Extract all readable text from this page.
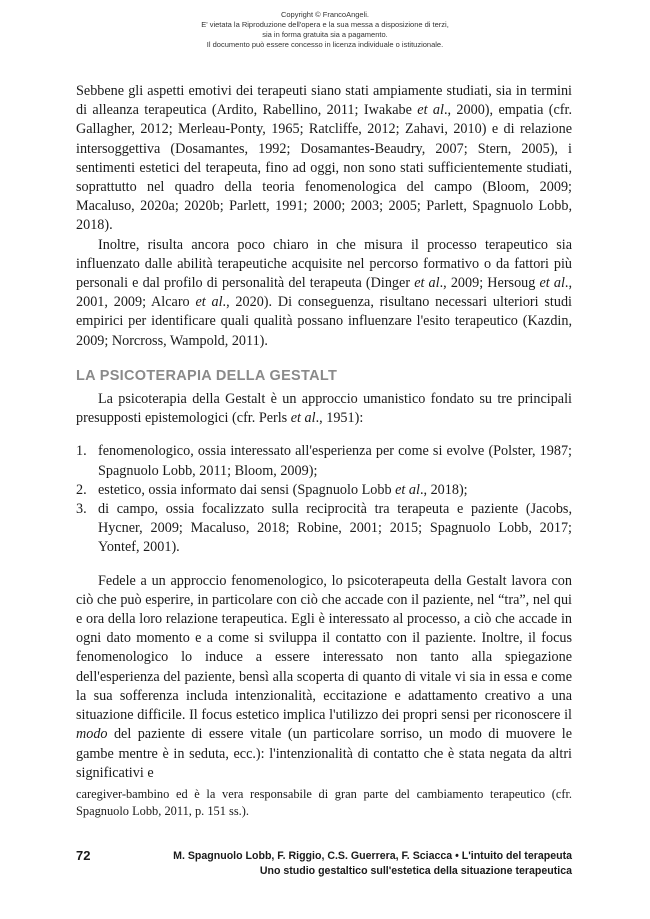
Copyright © FrancoAngeli.
E' vietata la Riproduzione dell'opera e la sua messa a disposizione di terzi,
sia in forma gratuita sia a pagamento.
Il documento può essere concesso in licenza individuale o istituzionale.

Sebbene gli aspetti emotivi dei terapeuti siano stati ampiamente studiati, sia in termini di alleanza terapeutica (Ardito, Rabellino, 2011; Iwakabe et al., 2000), empatia (cfr. Gallagher, 2012; Merleau-Ponty, 1965; Ratcliffe, 2012; Zahavi, 2010) e di relazione intersoggettiva (Dosamantes, 1992; Dosamantes-Beaudry, 2007; Stern, 2005), i sentimenti estetici del terapeuta, fino ad oggi, non sono stati sufficientemente studiati, soprattutto nel quadro della teoria fenomenologica del campo (Bloom, 2009; Macaluso, 2020a; 2020b; Parlett, 1991; 2000; 2003; 2005; Parlett, Spagnuolo Lobb, 2018).

Inoltre, risulta ancora poco chiaro in che misura il processo terapeutico sia influenzato dalle abilità terapeutiche acquisite nel percorso formativo o da fattori più personali e dal profilo di personalità del terapeuta (Dinger et al., 2009; Hersoug et al., 2001, 2009; Alcaro et al., 2020). Di conseguenza, risultano necessari ulteriori studi empirici per identificare quali qualità possano influenzare l'esito terapeutico (Kazdin, 2009; Norcross, Wampold, 2011).

LA PSICOTERAPIA DELLA GESTALT

La psicoterapia della Gestalt è un approccio umanistico fondato su tre principali presupposti epistemologici (cfr. Perls et al., 1951):

1. fenomenologico, ossia interessato all'esperienza per come si evolve (Polster, 1987; Spagnuolo Lobb, 2011; Bloom, 2009);
2. estetico, ossia informato dai sensi (Spagnuolo Lobb et al., 2018);
3. di campo, ossia focalizzato sulla reciprocità tra terapeuta e paziente (Jacobs, Hycner, 2009; Macaluso, 2018; Robine, 2001; 2015; Spagnuolo Lobb, 2017; Yontef, 2001).

Fedele a un approccio fenomenologico, lo psicoterapeuta della Gestalt lavora con ciò che può esperire, in particolare con ciò che accade con il paziente, nel “tra”, nel qui e ora della loro relazione terapeutica. Egli è interessato al processo, a ciò che accade in ogni dato momento e a come si sviluppa il contatto con il paziente. Inoltre, il focus fenomenologico lo induce a essere interessato non tanto alla spiegazione dell'esperienza del paziente, bensì alla scoperta di quanto di vitale vi sia in essa e come la sua sofferenza includa intenzionalità, eccitazione e adattamento creativo a una situazione difficile. Il focus estetico implica l'utilizzo dei propri sensi per riconoscere il modo del paziente di essere vitale (un particolare sorriso, un modo di muovere le gambe mentre è in seduta, ecc.): l'intenzionalità di contatto che è stata negata da altri significativi e

caregiver-bambino ed è la vera responsabile di gran parte del cambiamento terapeutico (cfr. Spagnuolo Lobb, 2011, p. 151 ss.).
72	M. Spagnuolo Lobb, F. Riggio, C.S. Guerrera, F. Sciacca • L'intuito del terapeuta
Uno studio gestaltico sull'estetica della situazione terapeutica
